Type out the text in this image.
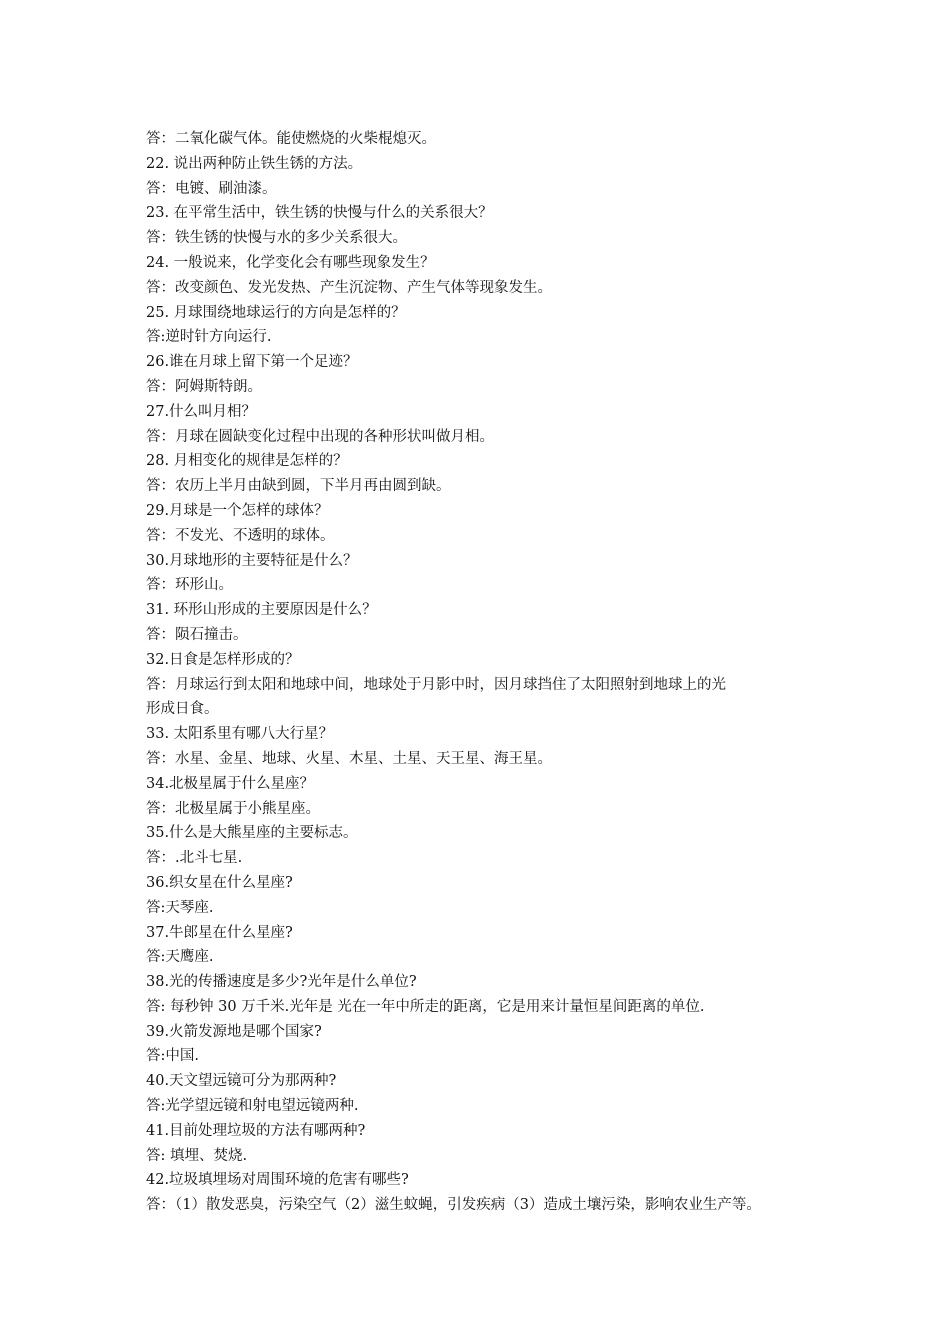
答：二氧化碳气体。能使燃烧的火柴棍熄灭。

22. 说出两种防止铁生锈的方法。

答：电镀、刷油漆。

23. 在平常生活中，铁生锈的快慢与什么的关系很大？

答：铁生锈的快慢与水的多少关系很大。

24. 一般说来，化学变化会有哪些现象发生？

答：改变颜色、发光发热、产生沉淀物、产生气体等现象发生。

25. 月球围绕地球运行的方向是怎样的？

答:逆时针方向运行.

26.谁在月球上留下第一个足迹？

答：阿姆斯特朗。

27.什么叫月相？

答：月球在圆缺变化过程中出现的各种形状叫做月相。

28. 月相变化的规律是怎样的？

答：农历上半月由缺到圆，下半月再由圆到缺。

29.月球是一个怎样的球体？

答：不发光、不透明的球体。

30.月球地形的主要特征是什么？

答：环形山。

31. 环形山形成的主要原因是什么？

答：陨石撞击。

32.日食是怎样形成的？

答：月球运行到太阳和地球中间，地球处于月影中时，因月球挡住了太阳照射到地球上的光

形成日食。

33. 太阳系里有哪八大行星？

答：水星、金星、地球、火星、木星、土星、天王星、海王星。

34.北极星属于什么星座？

答：北极星属于小熊星座。

35.什么是大熊星座的主要标志。

答：.北斗七星.

36.织女星在什么星座?

答:天琴座.

37.牛郎星在什么星座?

答:天鹰座.

38.光的传播速度是多少?光年是什么单位?

答: 每秒钟 30 万千米.光年是 光在一年中所走的距离，它是用来计量恒星间距离的单位.

39.火箭发源地是哪个国家?

答:中国.

40.天文望远镜可分为那两种?

答:光学望远镜和射电望远镜两种.

41.目前处理垃圾的方法有哪两种?

答: 填埋、焚烧.

42.垃圾填埋场对周围环境的危害有哪些?

答：（1）散发恶臭，污染空气（2）滋生蚊蝇，引发疾病（3）造成土壤污染，影响农业生产等。
